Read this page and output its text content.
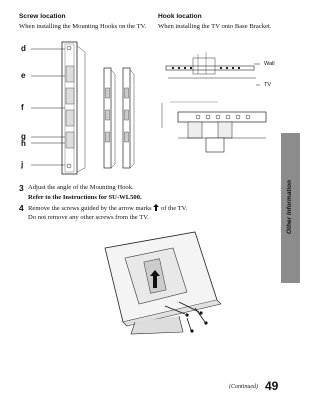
Screw location
When installing the Mounting Hooks on the TV.
Hook location
When installing the TV onto Base Bracket.
d
e
f
g
h
j
Wall
TV
3 Adjust the angle of the Mounting Hook.
Refer to the Instructions for SU-WL500.
4 Remove the screws guided by the arrow marks of the TV.
Do not remove any other screws from the TV.	Other Information
(Continued) 49
